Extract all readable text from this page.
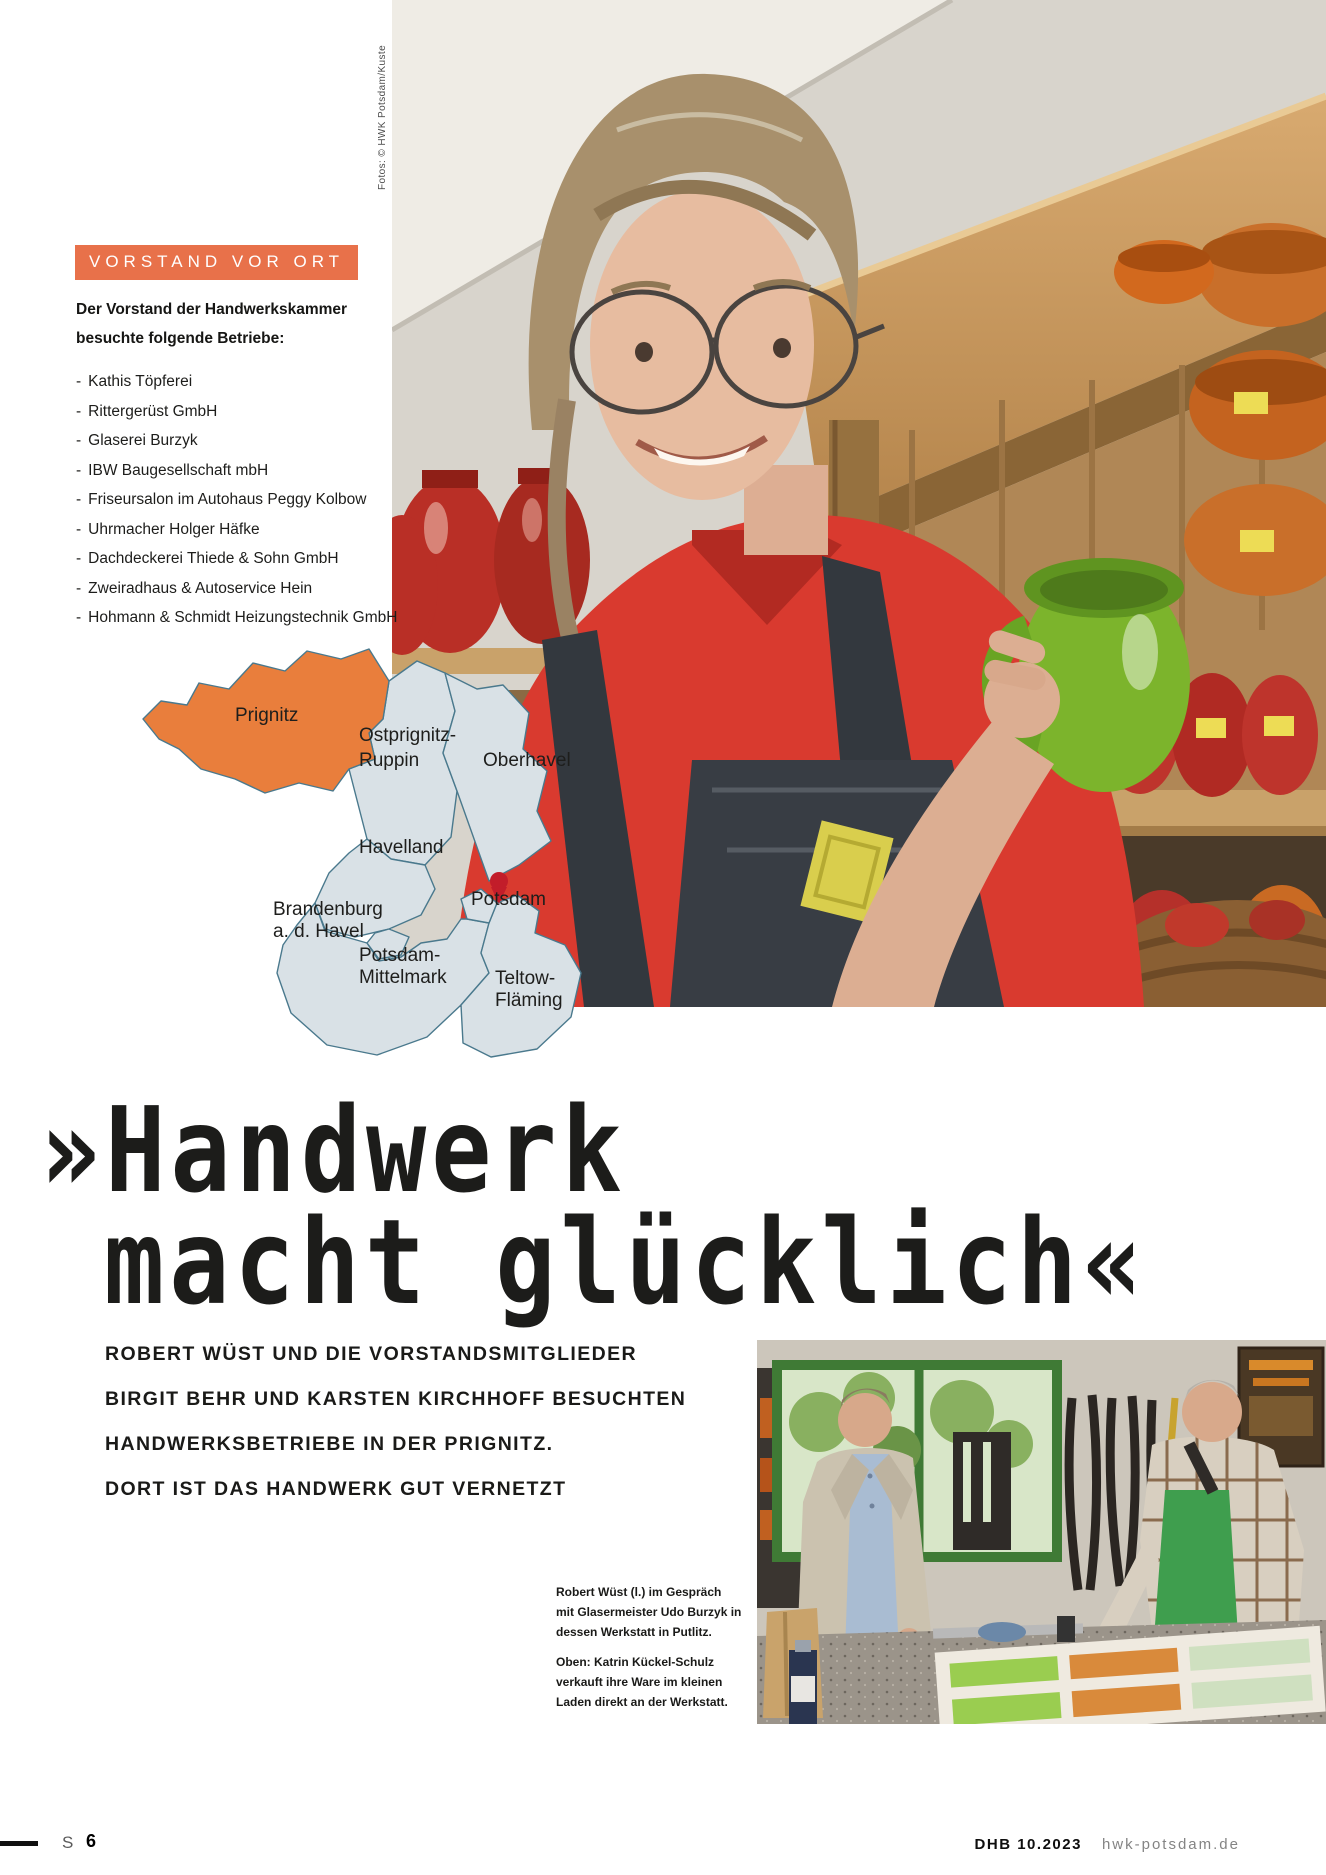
Fotos: © HWK Potsdam/Kuste
VORSTAND VOR ORT
Der Vorstand der Handwerkskammer
besuchte folgende Betriebe:
- Kathis Töpferei
- Rittergerüst GmbH
- Glaserei Burzyk
- IBW Baugesellschaft mbH
- Friseursalon im Autohaus Peggy Kolbow
- Uhrmacher Holger Häfke
- Dachdeckerei Thiede & Sohn GmbH
- Zweiradhaus & Autoservice Hein
- Hohmann & Schmidt Heizungstechnik GmbH
Prignitz
Ostprignitz-
Ruppin	Oberhavel
Havelland
Brandenburg
a. d. Havel
Potsdam
Potsdam-
Mittelmark	Teltow-
Fläming
»Handwerk
macht glücklich«
ROBERT WÜST UND DIE VORSTANDSMITGLIEDER
BIRGIT BEHR UND KARSTEN KIRCHHOFF BESUCHTEN
HANDWERKSBETRIEBE IN DER PRIGNITZ.
DORT IST DAS HANDWERK GUT VERNETZT

Robert Wüst (l.) im Gespräch mit Glasermeister Udo Burzyk in dessen Werkstatt in Putlitz.

Oben: Katrin Kückel-Schulz verkauft ihre Ware im kleinen Laden direkt an der Werkstatt.

S 6	DHB 10.2023 hwk-potsdam.de
